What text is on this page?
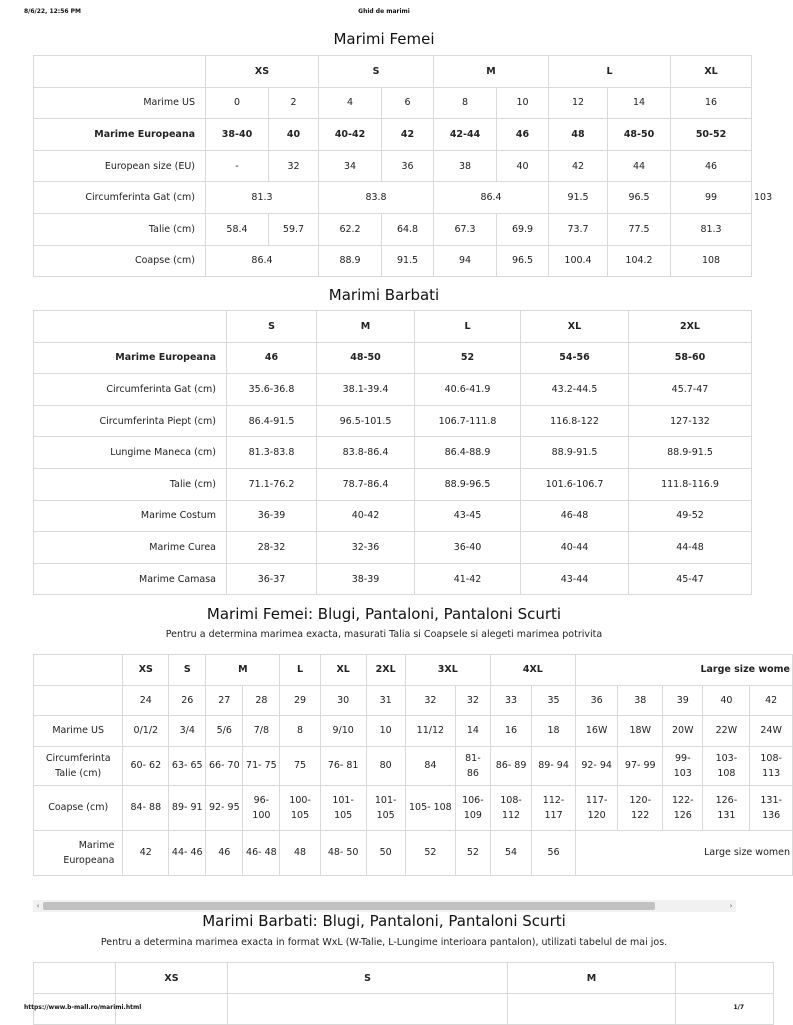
8/6/22, 12:56 PM	Ghid de marimi
Marimi Femei
	XS		S		M		L		XL	
Marime US	0	2	4	6	8	10	12	14	16	
Marime Europeana	38-40	40	40-42	42	42-44	46	48	48-50	50-52	
European size (EU)	-	32	34	36	38	40	42	44	46	
Circumferinta Gat (cm)	81.3		83.8		86.4		91.5	96.5	99	103
Talie (cm)	58.4	59.7	62.2	64.8	67.3	69.9	73.7	77.5	81.3	
Coapse (cm)	86.4		88.9	91.5	94	96.5	100.4	104.2	108	
Marimi Barbati
	S	M	L	XL	2XL
Marime Europeana	46	48-50	52	54-56	58-60
Circumferinta Gat (cm)	35.6-36.8	38.1-39.4	40.6-41.9	43.2-44.5	45.7-47
Circumferinta Piept (cm)	86.4-91.5	96.5-101.5	106.7-111.8	116.8-122	127-132
Lungime Maneca (cm)	81.3-83.8	83.8-86.4	86.4-88.9	88.9-91.5	88.9-91.5
Talie (cm)	71.1-76.2	78.7-86.4	88.9-96.5	101.6-106.7	111.8-116.9
Marime Costum	36-39	40-42	43-45	46-48	49-52
Marime Curea	28-32	32-36	36-40	40-44	44-48
Marime Camasa	36-37	38-39	41-42	43-44	45-47
Marimi Femei: Blugi, Pantaloni, Pantaloni Scurti
Pentru a determina marimea exacta, masurati Talia si Coapsele si alegeti marimea potrivita
	XS	S	M		L	XL	2XL	3XL		4XL		Large size wome				
	24	26	27	28	29	30	31	32	32	33	35	36	38	39	40	42
Marime US	0/1/2	3/4	5/6	7/8	8	9/10	10	11/12	14	16	18	16W	18W	20W	22W	24W
Circumferinta Talie (cm)	60- 62	63- 65	66- 70	71- 75	75	76- 81	80	84	81- 86	86- 89	89- 94	92- 94	97- 99	99- 103	103- 108	108- 113
Coapse (cm)	84- 88	89- 91	92- 95	96- 100	100- 105	101- 105	101- 105	105- 108	106- 109	108- 112	112- 117	117- 120	120- 122	122- 126	126- 131	131- 136
Marime Europeana	42	44- 46	46	46- 48	48	48- 50	50	52	52	54	56	Large size women				
‹	›
Marimi Barbati: Blugi, Pantaloni, Pantaloni Scurti
Pentru a determina marimea exacta in format WxL (W-Talie, L-Lungime interioara pantalon), utilizati tabelul de mai jos.
	XS	S	M	

https://www.b-mall.ro/marimi.html	1/7
